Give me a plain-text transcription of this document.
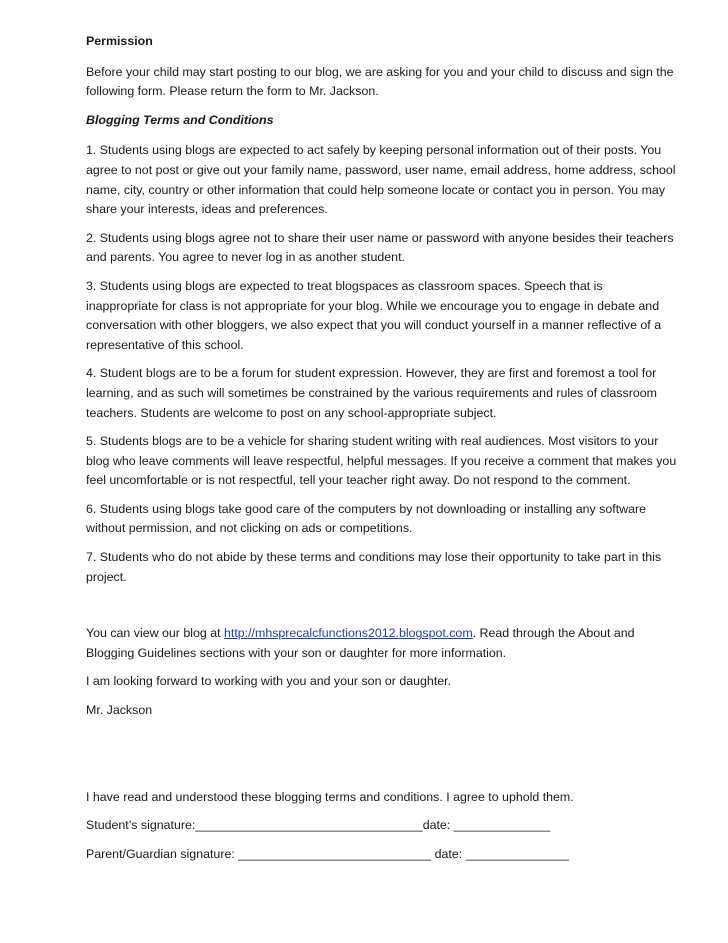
Permission

Before your child may start posting to our blog, we are asking for you and your child to discuss and sign the following form. Please return the form to Mr. Jackson.

Blogging Terms and Conditions

1. Students using blogs are expected to act safely by keeping personal information out of their posts. You agree to not post or give out your family name, password, user name, email address, home address, school name, city, country or other information that could help someone locate or contact you in person. You may share your interests, ideas and preferences.

2. Students using blogs agree not to share their user name or password with anyone besides their teachers and parents. You agree to never log in as another student.

3. Students using blogs are expected to treat blogspaces as classroom spaces. Speech that is inappropriate for class is not appropriate for your blog. While we encourage you to engage in debate and conversation with other bloggers, we also expect that you will conduct yourself in a manner reflective of a representative of this school.

4. Student blogs are to be a forum for student expression. However, they are first and foremost a tool for learning, and as such will sometimes be constrained by the various requirements and rules of classroom teachers. Students are welcome to post on any school-appropriate subject.

5. Students blogs are to be a vehicle for sharing student writing with real audiences. Most visitors to your blog who leave comments will leave respectful, helpful messages. If you receive a comment that makes you feel uncomfortable or is not respectful, tell your teacher right away. Do not respond to the comment.

6. Students using blogs take good care of the computers by not downloading or installing any software without permission, and not clicking on ads or competitions.

7. Students who do not abide by these terms and conditions may lose their opportunity to take part in this project.

You can view our blog at http://mhsprecalcfunctions2012.blogspot.com. Read through the About and Blogging Guidelines sections with your son or daughter for more information.

I am looking forward to working with you and your son or daughter.

Mr. Jackson

I have read and understood these blogging terms and conditions. I agree to uphold them.

Student’s signature:_________________________________date: ______________

Parent/Guardian signature: ____________________________ date: _______________
